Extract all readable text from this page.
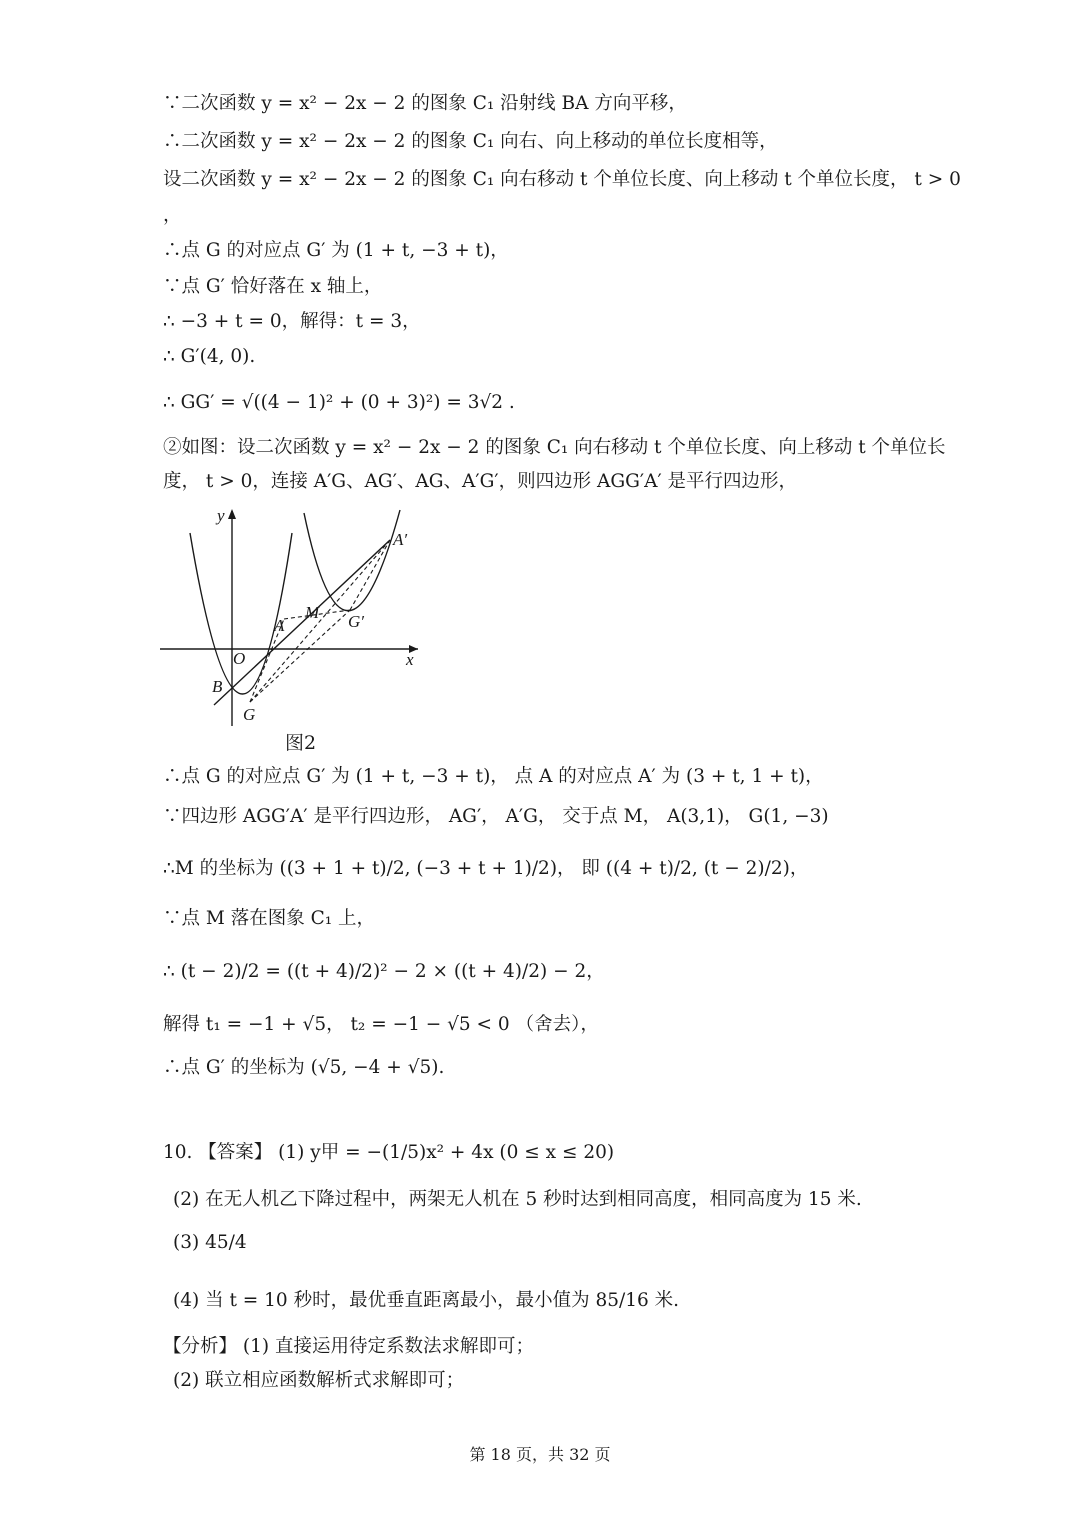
∵二次函数 y = x² − 2x − 2 的图象 C₁ 沿射线 BA 方向平移，
∴二次函数 y = x² − 2x − 2 的图象 C₁ 向右、向上移动的单位长度相等，
设二次函数 y = x² − 2x − 2 的图象 C₁ 向右移动 t 个单位长度、向上移动 t 个单位长度， t > 0
，
∴点 G 的对应点 G′ 为 (1 + t, −3 + t)，
∵点 G′ 恰好落在 x 轴上，
∴ −3 + t = 0，解得：t = 3，
∴ G′(4, 0).
∴ GG′ = √((4 − 1)² + (0 + 3)²) = 3√2 .
②如图：设二次函数 y = x² − 2x − 2 的图象 C₁ 向右移动 t 个单位长度、向上移动 t 个单位长
度， t > 0，连接 A′G、AG′、AG、A′G′，则四边形 AGG′A′ 是平行四边形，
y
x
O
A
B
G
M G′
A′
图2
∴点 G 的对应点 G′ 为 (1 + t, −3 + t)， 点 A 的对应点 A′ 为 (3 + t, 1 + t)，
∵四边形 AGG′A′ 是平行四边形， AG′， A′G， 交于点 M， A(3,1)， G(1, −3)
∴M 的坐标为 ((3 + 1 + t)/2, (−3 + t + 1)/2)， 即 ((4 + t)/2, (t − 2)/2)，
∵点 M 落在图象 C₁ 上，
∴ (t − 2)/2 = ((t + 4)/2)² − 2 × ((t + 4)/2) − 2，
解得 t₁ = −1 + √5， t₂ = −1 − √5 < 0 （舍去），
∴点 G′ 的坐标为 (√5, −4 + √5).
10. 【答案】 (1) y甲 = −(1/5)x² + 4x (0 ≤ x ≤ 20)
(2) 在无人机乙下降过程中，两架无人机在 5 秒时达到相同高度，相同高度为 15 米.
(3) 45/4
(4) 当 t = 10 秒时，最优垂直距离最小，最小值为 85/16 米.
【分析】 (1) 直接运用待定系数法求解即可；
(2) 联立相应函数解析式求解即可；
第 18 页，共 32 页
